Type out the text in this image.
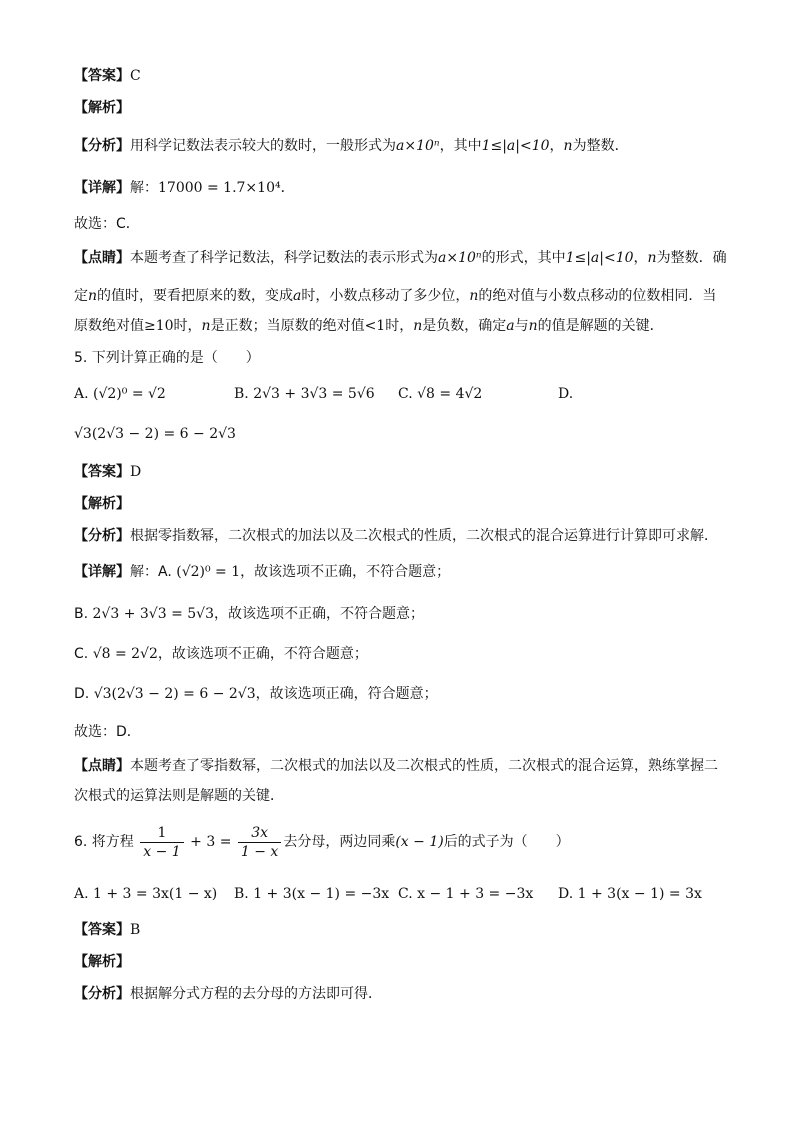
【答案】C
【解析】
【分析】用科学记数法表示较大的数时，一般形式为a×10ⁿ，其中1≤|a|<10，n为整数．
【详解】解：17000 = 1.7×10⁴．
故选：C．
【点睛】本题考查了科学记数法，科学记数法的表示形式为a×10ⁿ的形式，其中1≤|a|<10，n为整数．确
定n的值时，要看把原来的数，变成a时，小数点移动了多少位，n的绝对值与小数点移动的位数相同．当
原数绝对值≥10时，n是正数；当原数的绝对值<1时，n是负数，确定a与n的值是解题的关键．
5. 下列计算正确的是（　　）
A. (√2)⁰ = √2	B. 2√3 + 3√3 = 5√6 C. √8 = 4√2	D.
√3(2√3 − 2) = 6 − 2√3
【答案】D
【解析】
【分析】根据零指数幂，二次根式的加法以及二次根式的性质，二次根式的混合运算进行计算即可求解．
【详解】解：A. (√2)⁰ = 1，故该选项不正确，不符合题意；
B. 2√3 + 3√3 = 5√3，故该选项不正确，不符合题意；
C. √8 = 2√2，故该选项不正确，不符合题意；
D. √3(2√3 − 2) = 6 − 2√3，故该选项正确，符合题意；
故选：D．
【点睛】本题考查了零指数幂，二次根式的加法以及二次根式的性质，二次根式的混合运算，熟练掌握二
次根式的运算法则是解题的关键．
6. 将方程 $\frac{1}{x - 1} + 3 = \frac{3x}{1 - x}$ 去分母，两边同乘(x − 1)后的式子为（　　）
A. 1 + 3 = 3x(1 − x) B. 1 + 3(x − 1) = −3x C. x − 1 + 3 = −3x D. 1 + 3(x − 1) = 3x
【答案】B
【解析】
【分析】根据解分式方程的去分母的方法即可得．
